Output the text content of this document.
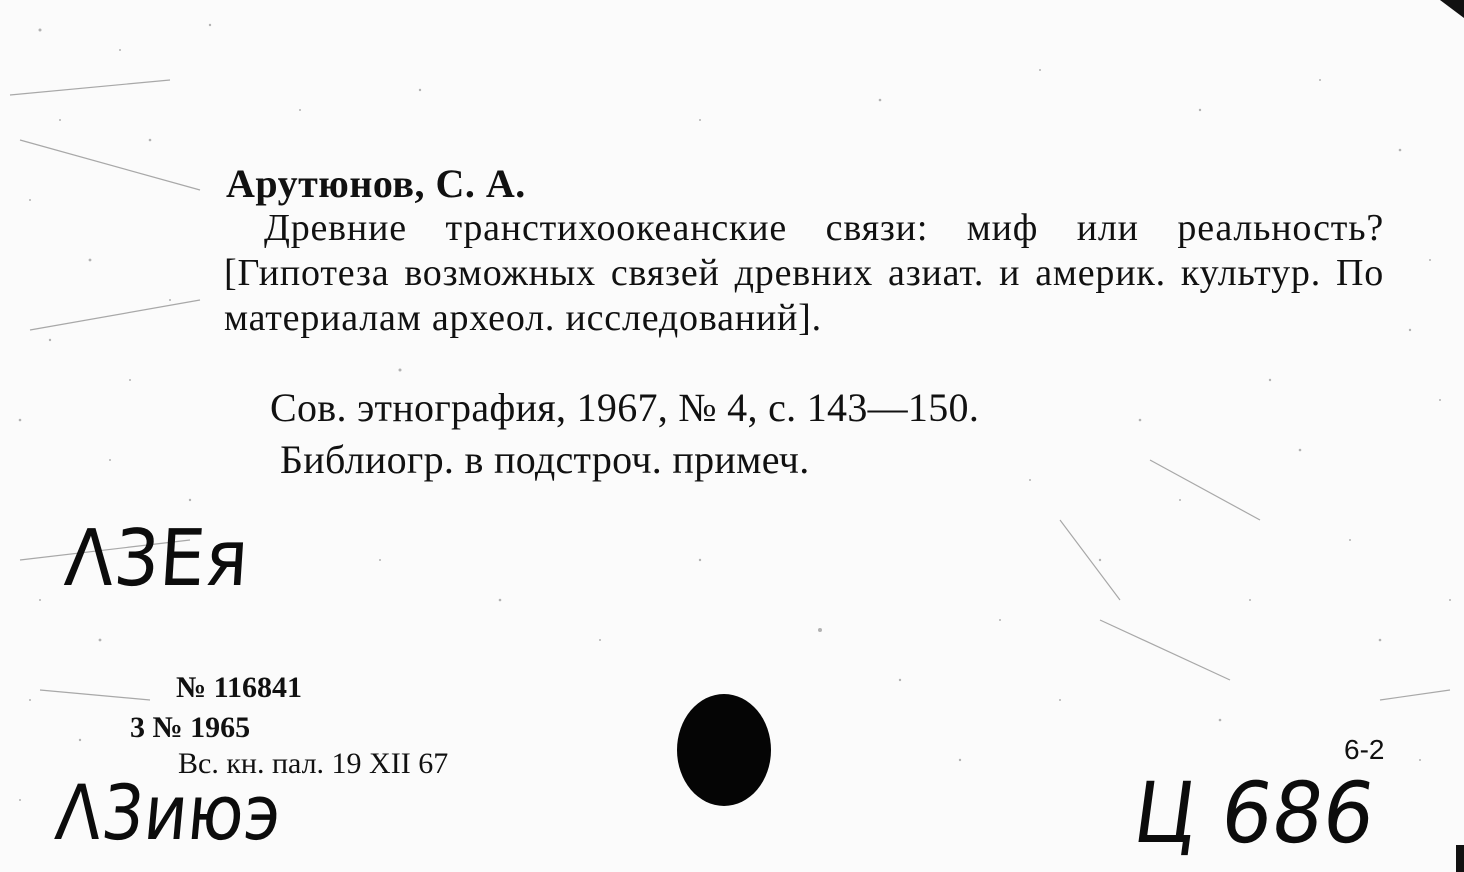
Арутюнов, С. А.
Древние транстихоокеанские связи: миф или реальность? [Гипотеза возможных связей древних азиат. и америк. культур. По материалам археол. исследований].
Сов. этнография, 1967, № 4, с. 143—150.
Библиогр. в подстроч. примеч.
Λ3Eя
№ 116841
3 № 1965
Вс. кн. пал. 19 XII 67	6-2
Λ3июэ	Ц 686
